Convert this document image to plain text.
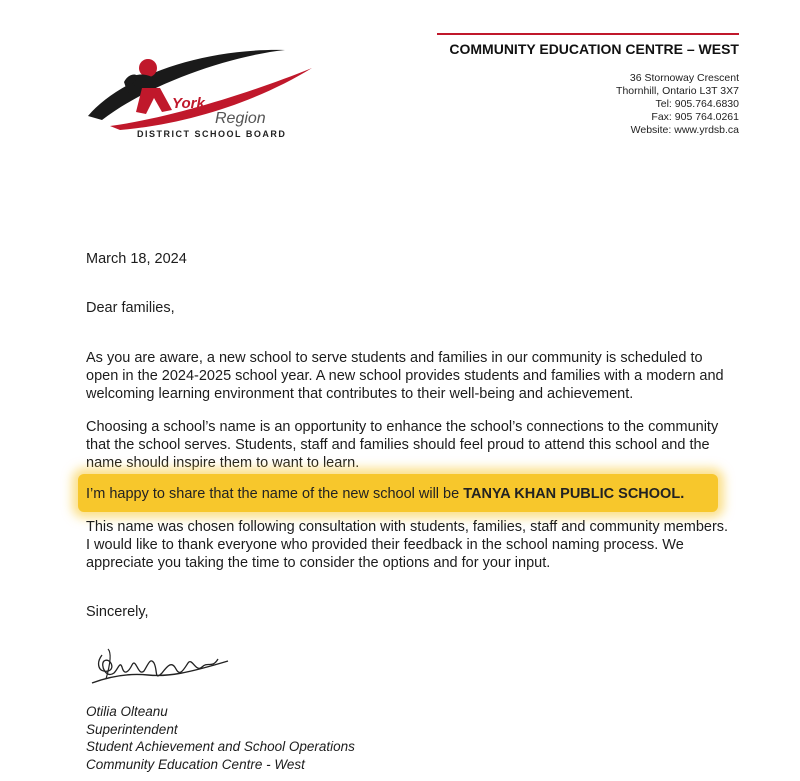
York
Region
DISTRICT SCHOOL BOARD
COMMUNITY EDUCATION CENTRE – WEST
36 Stornoway Crescent
Thornhill, Ontario L3T 3X7
Tel: 905.764.6830
Fax: 905 764.0261
Website: www.yrdsb.ca
March 18, 2024
Dear families,
As you are aware, a new school to serve students and families in our community is scheduled to
open in the 2024-2025 school year. A new school provides students and families with a modern and
welcoming learning environment that contributes to their well-being and achievement.
Choosing a school’s name is an opportunity to enhance the school’s connections to the community
that the school serves. Students, staff and families should feel proud to attend this school and the
name should inspire them to want to learn.
I’m happy to share that the name of the new school will be TANYA KHAN PUBLIC SCHOOL.
This name was chosen following consultation with students, families, staff and community members.
I would like to thank everyone who provided their feedback in the school naming process. We
appreciate you taking the time to consider the options and for your input.
Sincerely,
Otilia Olteanu
Superintendent
Student Achievement and School Operations
Community Education Centre - West
